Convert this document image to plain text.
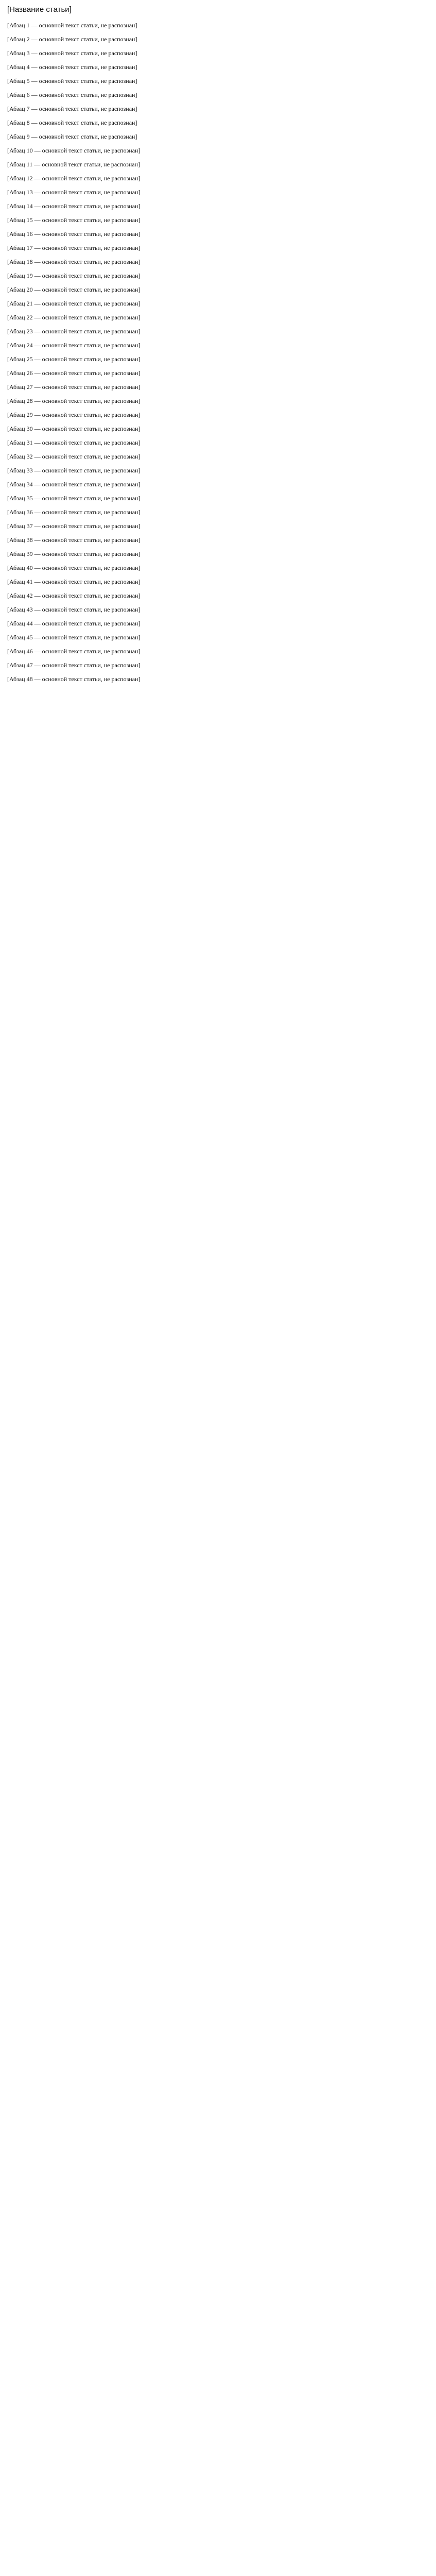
[Название статьи]

[Абзац 1 — основной текст статьи, не распознан]

[Абзац 2 — основной текст статьи, не распознан]

[Абзац 3 — основной текст статьи, не распознан]

[Абзац 4 — основной текст статьи, не распознан]

[Абзац 5 — основной текст статьи, не распознан]

[Абзац 6 — основной текст статьи, не распознан]

[Абзац 7 — основной текст статьи, не распознан]

[Абзац 8 — основной текст статьи, не распознан]

[Абзац 9 — основной текст статьи, не распознан]

[Абзац 10 — основной текст статьи, не распознан]

[Абзац 11 — основной текст статьи, не распознан]

[Абзац 12 — основной текст статьи, не распознан]

[Абзац 13 — основной текст статьи, не распознан]

[Абзац 14 — основной текст статьи, не распознан]

[Абзац 15 — основной текст статьи, не распознан]

[Абзац 16 — основной текст статьи, не распознан]

[Абзац 17 — основной текст статьи, не распознан]

[Абзац 18 — основной текст статьи, не распознан]

[Абзац 19 — основной текст статьи, не распознан]

[Абзац 20 — основной текст статьи, не распознан]

[Абзац 21 — основной текст статьи, не распознан]

[Абзац 22 — основной текст статьи, не распознан]

[Абзац 23 — основной текст статьи, не распознан]

[Абзац 24 — основной текст статьи, не распознан]

[Абзац 25 — основной текст статьи, не распознан]

[Абзац 26 — основной текст статьи, не распознан]

[Абзац 27 — основной текст статьи, не распознан]

[Абзац 28 — основной текст статьи, не распознан]

[Абзац 29 — основной текст статьи, не распознан]

[Абзац 30 — основной текст статьи, не распознан]

[Абзац 31 — основной текст статьи, не распознан]

[Абзац 32 — основной текст статьи, не распознан]

[Абзац 33 — основной текст статьи, не распознан]

[Абзац 34 — основной текст статьи, не распознан]

[Абзац 35 — основной текст статьи, не распознан]

[Абзац 36 — основной текст статьи, не распознан]

[Абзац 37 — основной текст статьи, не распознан]

[Абзац 38 — основной текст статьи, не распознан]

[Абзац 39 — основной текст статьи, не распознан]

[Абзац 40 — основной текст статьи, не распознан]

[Абзац 41 — основной текст статьи, не распознан]

[Абзац 42 — основной текст статьи, не распознан]

[Абзац 43 — основной текст статьи, не распознан]

[Абзац 44 — основной текст статьи, не распознан]

[Абзац 45 — основной текст статьи, не распознан]

[Абзац 46 — основной текст статьи, не распознан]

[Абзац 47 — основной текст статьи, не распознан]

[Абзац 48 — основной текст статьи, не распознан]
